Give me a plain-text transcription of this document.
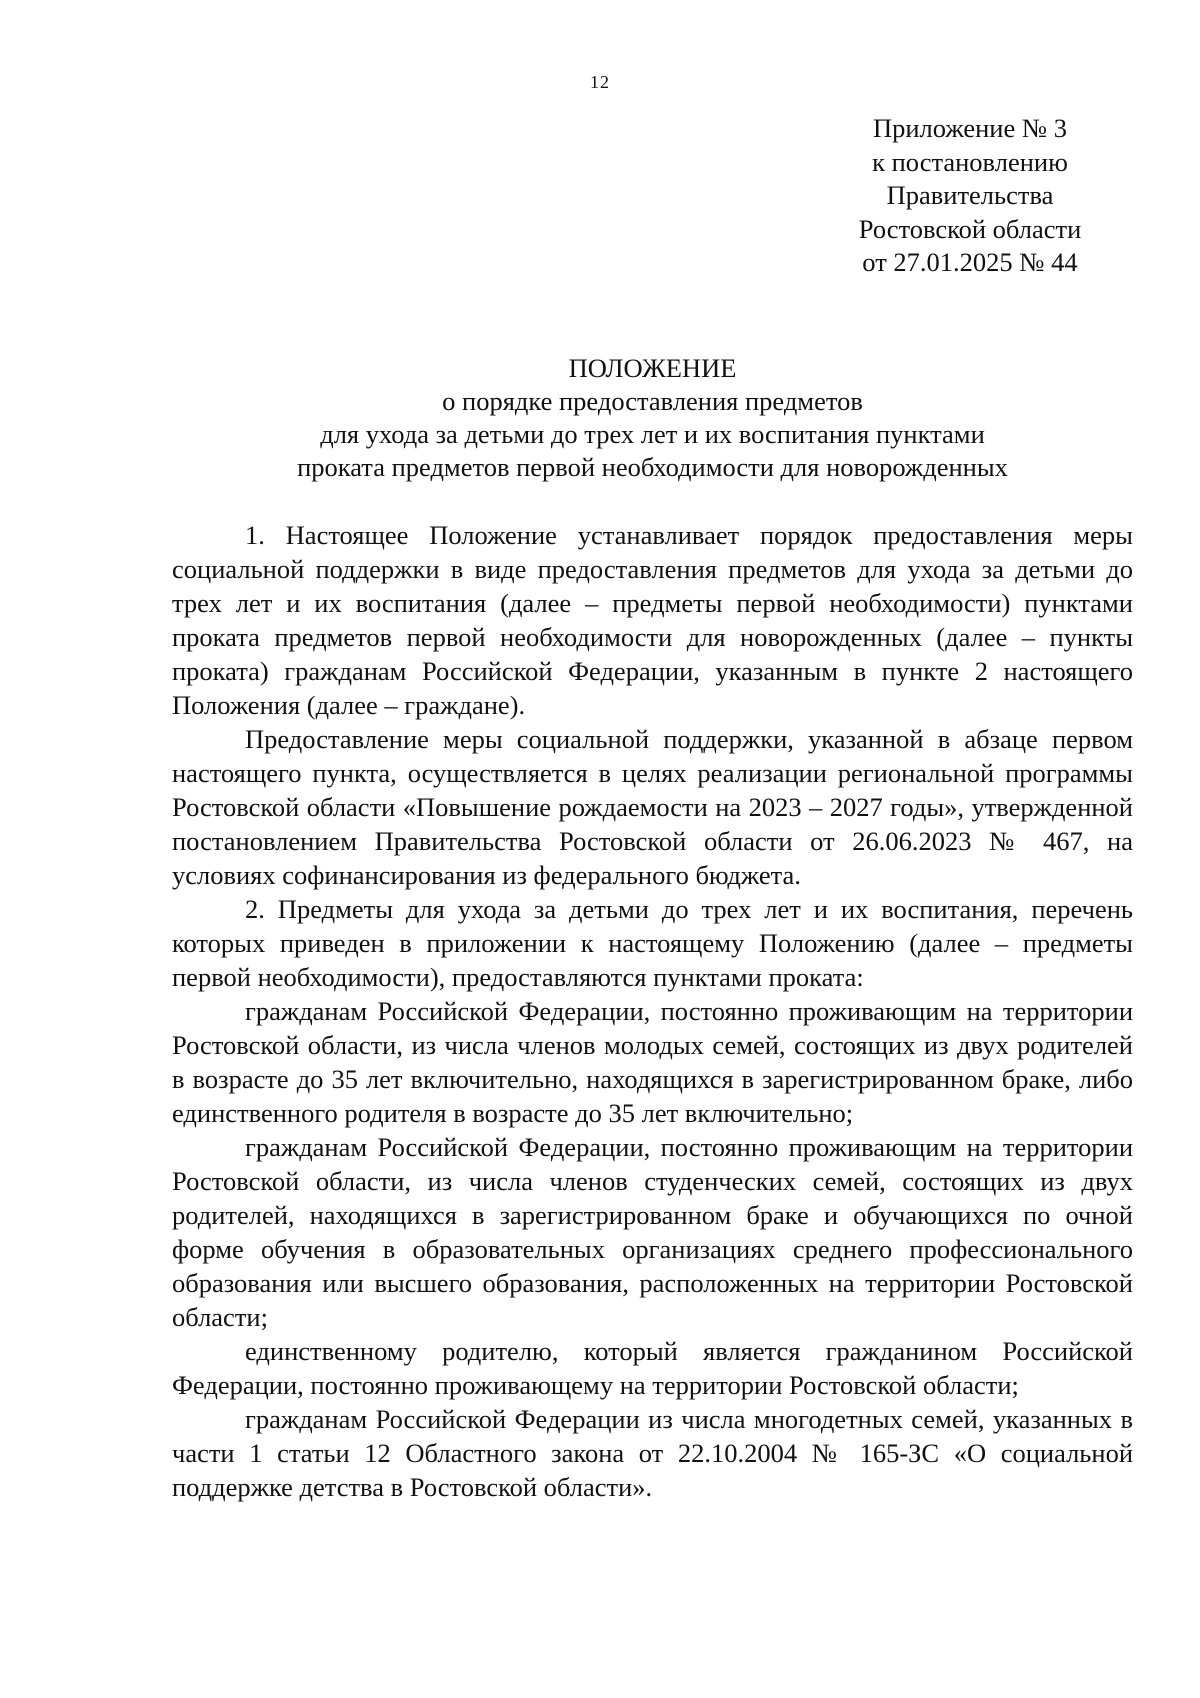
12
Приложение № 3
к постановлению
Правительства
Ростовской области
от 27.01.2025 № 44
ПОЛОЖЕНИЕ
о порядке предоставления предметов
для ухода за детьми до трех лет и их воспитания пунктами
проката предметов первой необходимости для новорожденных

1. Настоящее Положение устанавливает порядок предоставления меры социальной поддержки в виде предоставления предметов для ухода за детьми до трех лет и их воспитания (далее – предметы первой необходимости) пунктами проката предметов первой необходимости для новорожденных (далее – пункты проката) гражданам Российской Федерации, указанным в пункте 2 настоящего Положения (далее – граждане).

Предоставление меры социальной поддержки, указанной в абзаце первом настоящего пункта, осуществляется в целях реализации региональной программы Ростовской области «Повышение рождаемости на 2023 – 2027 годы», утвержденной постановлением Правительства Ростовской области от 26.06.2023 № 467, на условиях софинансирования из федерального бюджета.

2. Предметы для ухода за детьми до трех лет и их воспитания, перечень которых приведен в приложении к настоящему Положению (далее – предметы первой необходимости), предоставляются пунктами проката:

гражданам Российской Федерации, постоянно проживающим на территории Ростовской области, из числа членов молодых семей, состоящих из двух родителей в возрасте до 35 лет включительно, находящихся в зарегистрированном браке, либо единственного родителя в возрасте до 35 лет включительно;

гражданам Российской Федерации, постоянно проживающим на территории Ростовской области, из числа членов студенческих семей, состоящих из двух родителей, находящихся в зарегистрированном браке и обучающихся по очной форме обучения в образовательных организациях среднего профессионального образования или высшего образования, расположенных на территории Ростовской области;

единственному родителю, который является гражданином Российской Федерации, постоянно проживающему на территории Ростовской области;

гражданам Российской Федерации из числа многодетных семей, указанных в части 1 статьи 12 Областного закона от 22.10.2004 № 165-ЗС «О социальной поддержке детства в Ростовской области».
